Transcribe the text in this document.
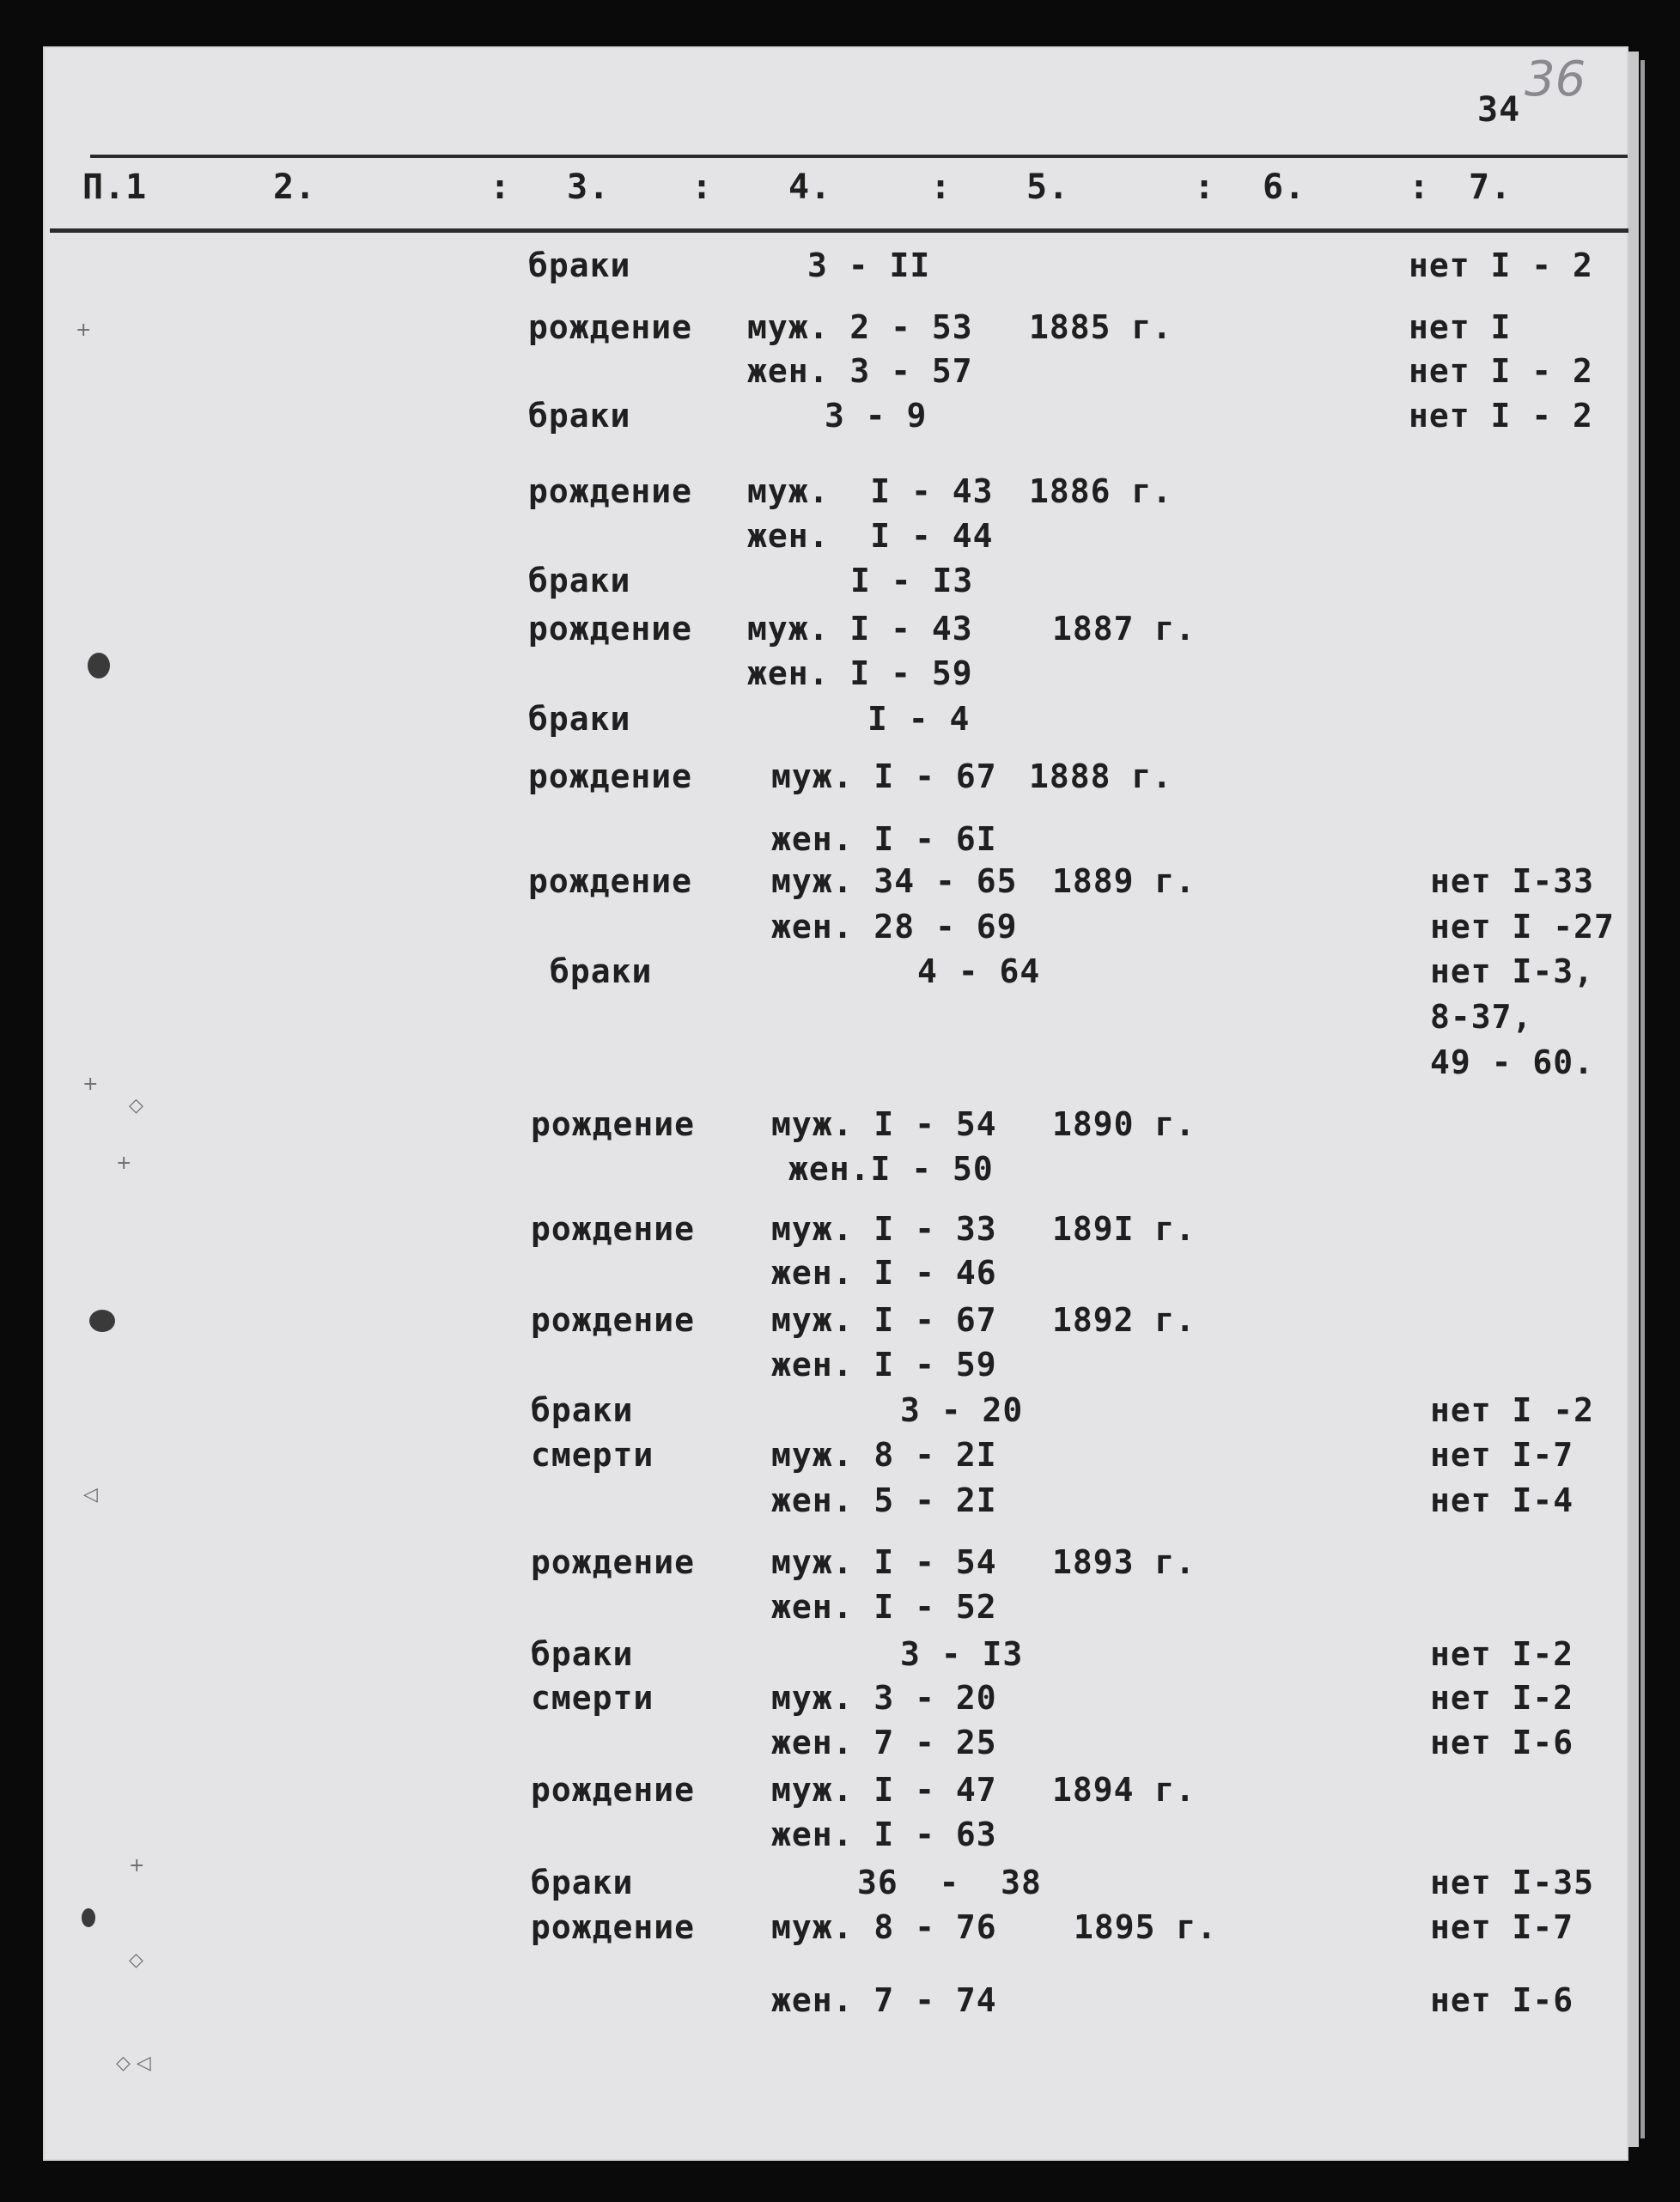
36
34
П.1	2.	: 3. : 4.	: 5.	: 6.	: 7.
браки	3 - II	нет I - 2
рождение муж. 2 - 53 1885 г.	нет I
жен. 3 - 57	нет I - 2
браки	3 - 9	нет I - 2
рождение муж.  I - 43 1886 г.
жен.  I - 44
браки	I - I3
рождение муж. I - 43 1887 г.
жен. I - 59
браки	I - 4
рождение муж. I - 67 1888 г.
жен. I - 6I
рождение муж. 34 - 65 1889 г.	нет I-33
жен. 28 - 69	нет I -27
браки	4 - 64	нет I-3,
8-37,
49 - 60.
рождение муж. I - 54 1890 г.
жен.I - 50
рождение муж. I - 33 189I г.
жен. I - 46
рождение муж. I - 67 1892 г.
жен. I - 59
браки	3 - 20	нет I -2
смерти	муж. 8 - 2I	нет I-7
жен. 5 - 2I	нет I-4
рождение муж. I - 54 1893 г.
жен. I - 52
браки	3 - I3	нет I-2
смерти	муж. 3 - 20	нет I-2
жен. 7 - 25	нет I-6
рождение муж. I - 47 1894 г.
жен. I - 63
браки	36  -  38	нет I-35
рождение муж. 8 - 76 1895 г.	нет I-7
жен. 7 - 74	нет I-6
+
+
◇
+
◁
+
◇
◇ ◁
